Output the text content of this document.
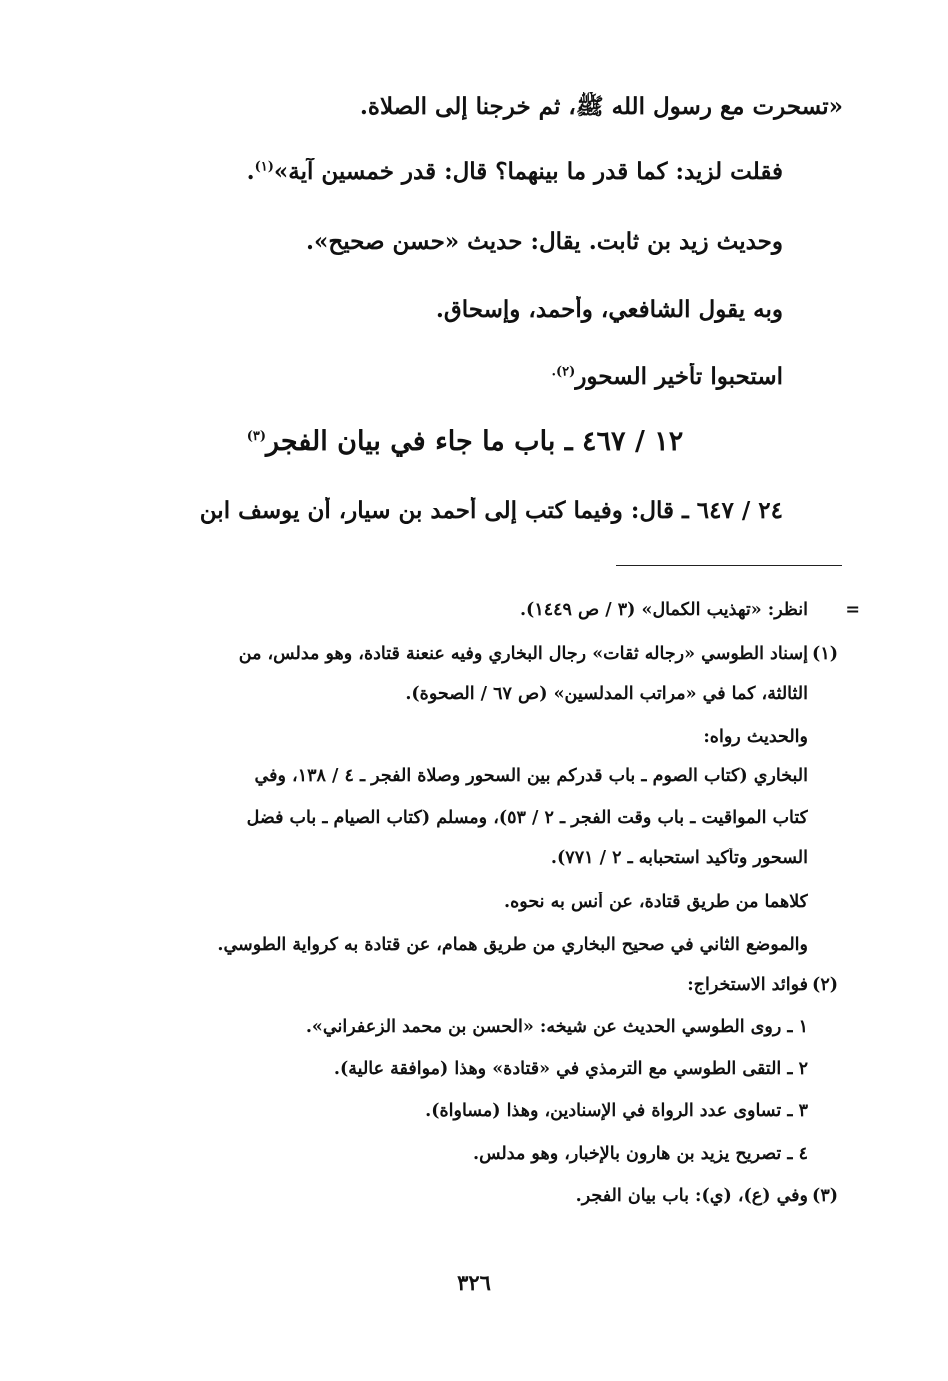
«تسحرت مع رسول الله ﷺ، ثم خرجنا إلى الصلاة.
فقلت لزيد: كما قدر ما بينهما؟ قال: قدر خمسين آية»$^{(١)}$.
وحديث زيد بن ثابت. يقال: حديث «حسن صحيح».
وبه يقول الشافعي، وأحمد، وإسحاق.
استحبوا تأخير السحور$^{(٢).}$
١٢ / ٤٦٧ ـ باب ما جاء في بيان الفجر$^{(٣)}$
٢٤ / ٦٤٧ ـ قال: وفيما كتب إلى أحمد بن سيار، أن يوسف ابن
=
انظر: «تهذيب الكمال» (٣ / ص ١٤٤٩).
(١)
إسناد الطوسي «رجاله ثقات» رجال البخاري وفيه عنعنة قتادة، وهو مدلس، من
الثالثة، كما في «مراتب المدلسين» (ص ٦٧ / الصحوة).
والحديث رواه:
البخاري (كتاب الصوم ـ باب قدركم بين السحور وصلاة الفجر ـ ٤ / ١٣٨، وفي
كتاب المواقيت ـ باب وقت الفجر ـ ٢ / ٥٣)، ومسلم (كتاب الصيام ـ باب فضل
السحور وتأكيد استحبابه ـ ٢ / ٧٧١).
كلاهما من طريق قتادة، عن أنس به نحوه.
والموضع الثاني في صحيح البخاري من طريق همام، عن قتادة به كرواية الطوسي.
(٢)
فوائد الاستخراج:
١ ـ روى الطوسي الحديث عن شيخه: «الحسن بن محمد الزعفراني».
٢ ـ التقى الطوسي مع الترمذي في «قتادة» وهذا (موافقة عالية).
٣ ـ تساوى عدد الرواة في الإسنادين، وهذا (مساواة).
٤ ـ تصريح يزيد بن هارون بالإخبار، وهو مدلس.
(٣)
وفي (ع)، (ي): باب بيان الفجر.
٣٢٦
